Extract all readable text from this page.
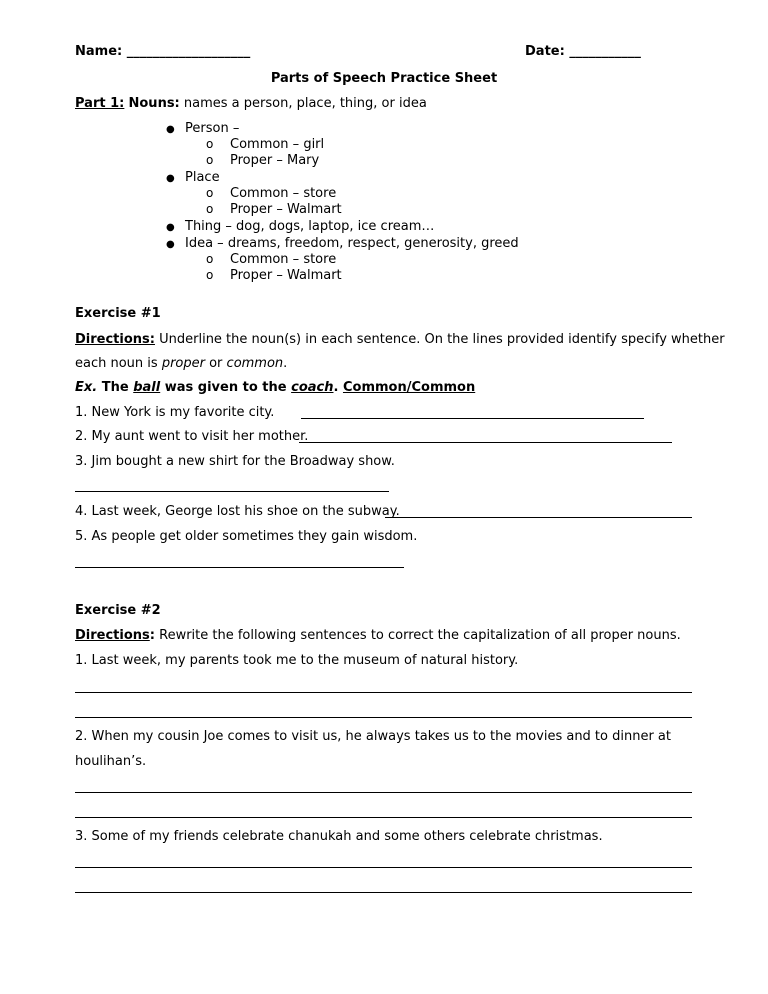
Name: ___________________	Date: ___________
Parts of Speech Practice Sheet
Part 1: Nouns: names a person, place, thing, or idea
● Person –
o Common – girl
o Proper – Mary
● Place
o Common – store
o Proper – Walmart
● Thing – dog, dogs, laptop, ice cream…
● Idea – dreams, freedom, respect, generosity, greed
o Common – store
o Proper – Walmart
Exercise #1
Directions: Underline the noun(s) in each sentence. On the lines provided identify specify whether
each noun is proper or common.
Ex. The ball was given to the coach. Common/Common
1. New York is my favorite city.
2. My aunt went to visit her mother.
3. Jim bought a new shirt for the Broadway show.
4. Last week, George lost his shoe on the subway.
5. As people get older sometimes they gain wisdom.
Exercise #2
Directions: Rewrite the following sentences to correct the capitalization of all proper nouns.
1. Last week, my parents took me to the museum of natural history.
2. When my cousin Joe comes to visit us, he always takes us to the movies and to dinner at
houlihan’s.
3. Some of my friends celebrate chanukah and some others celebrate christmas.
